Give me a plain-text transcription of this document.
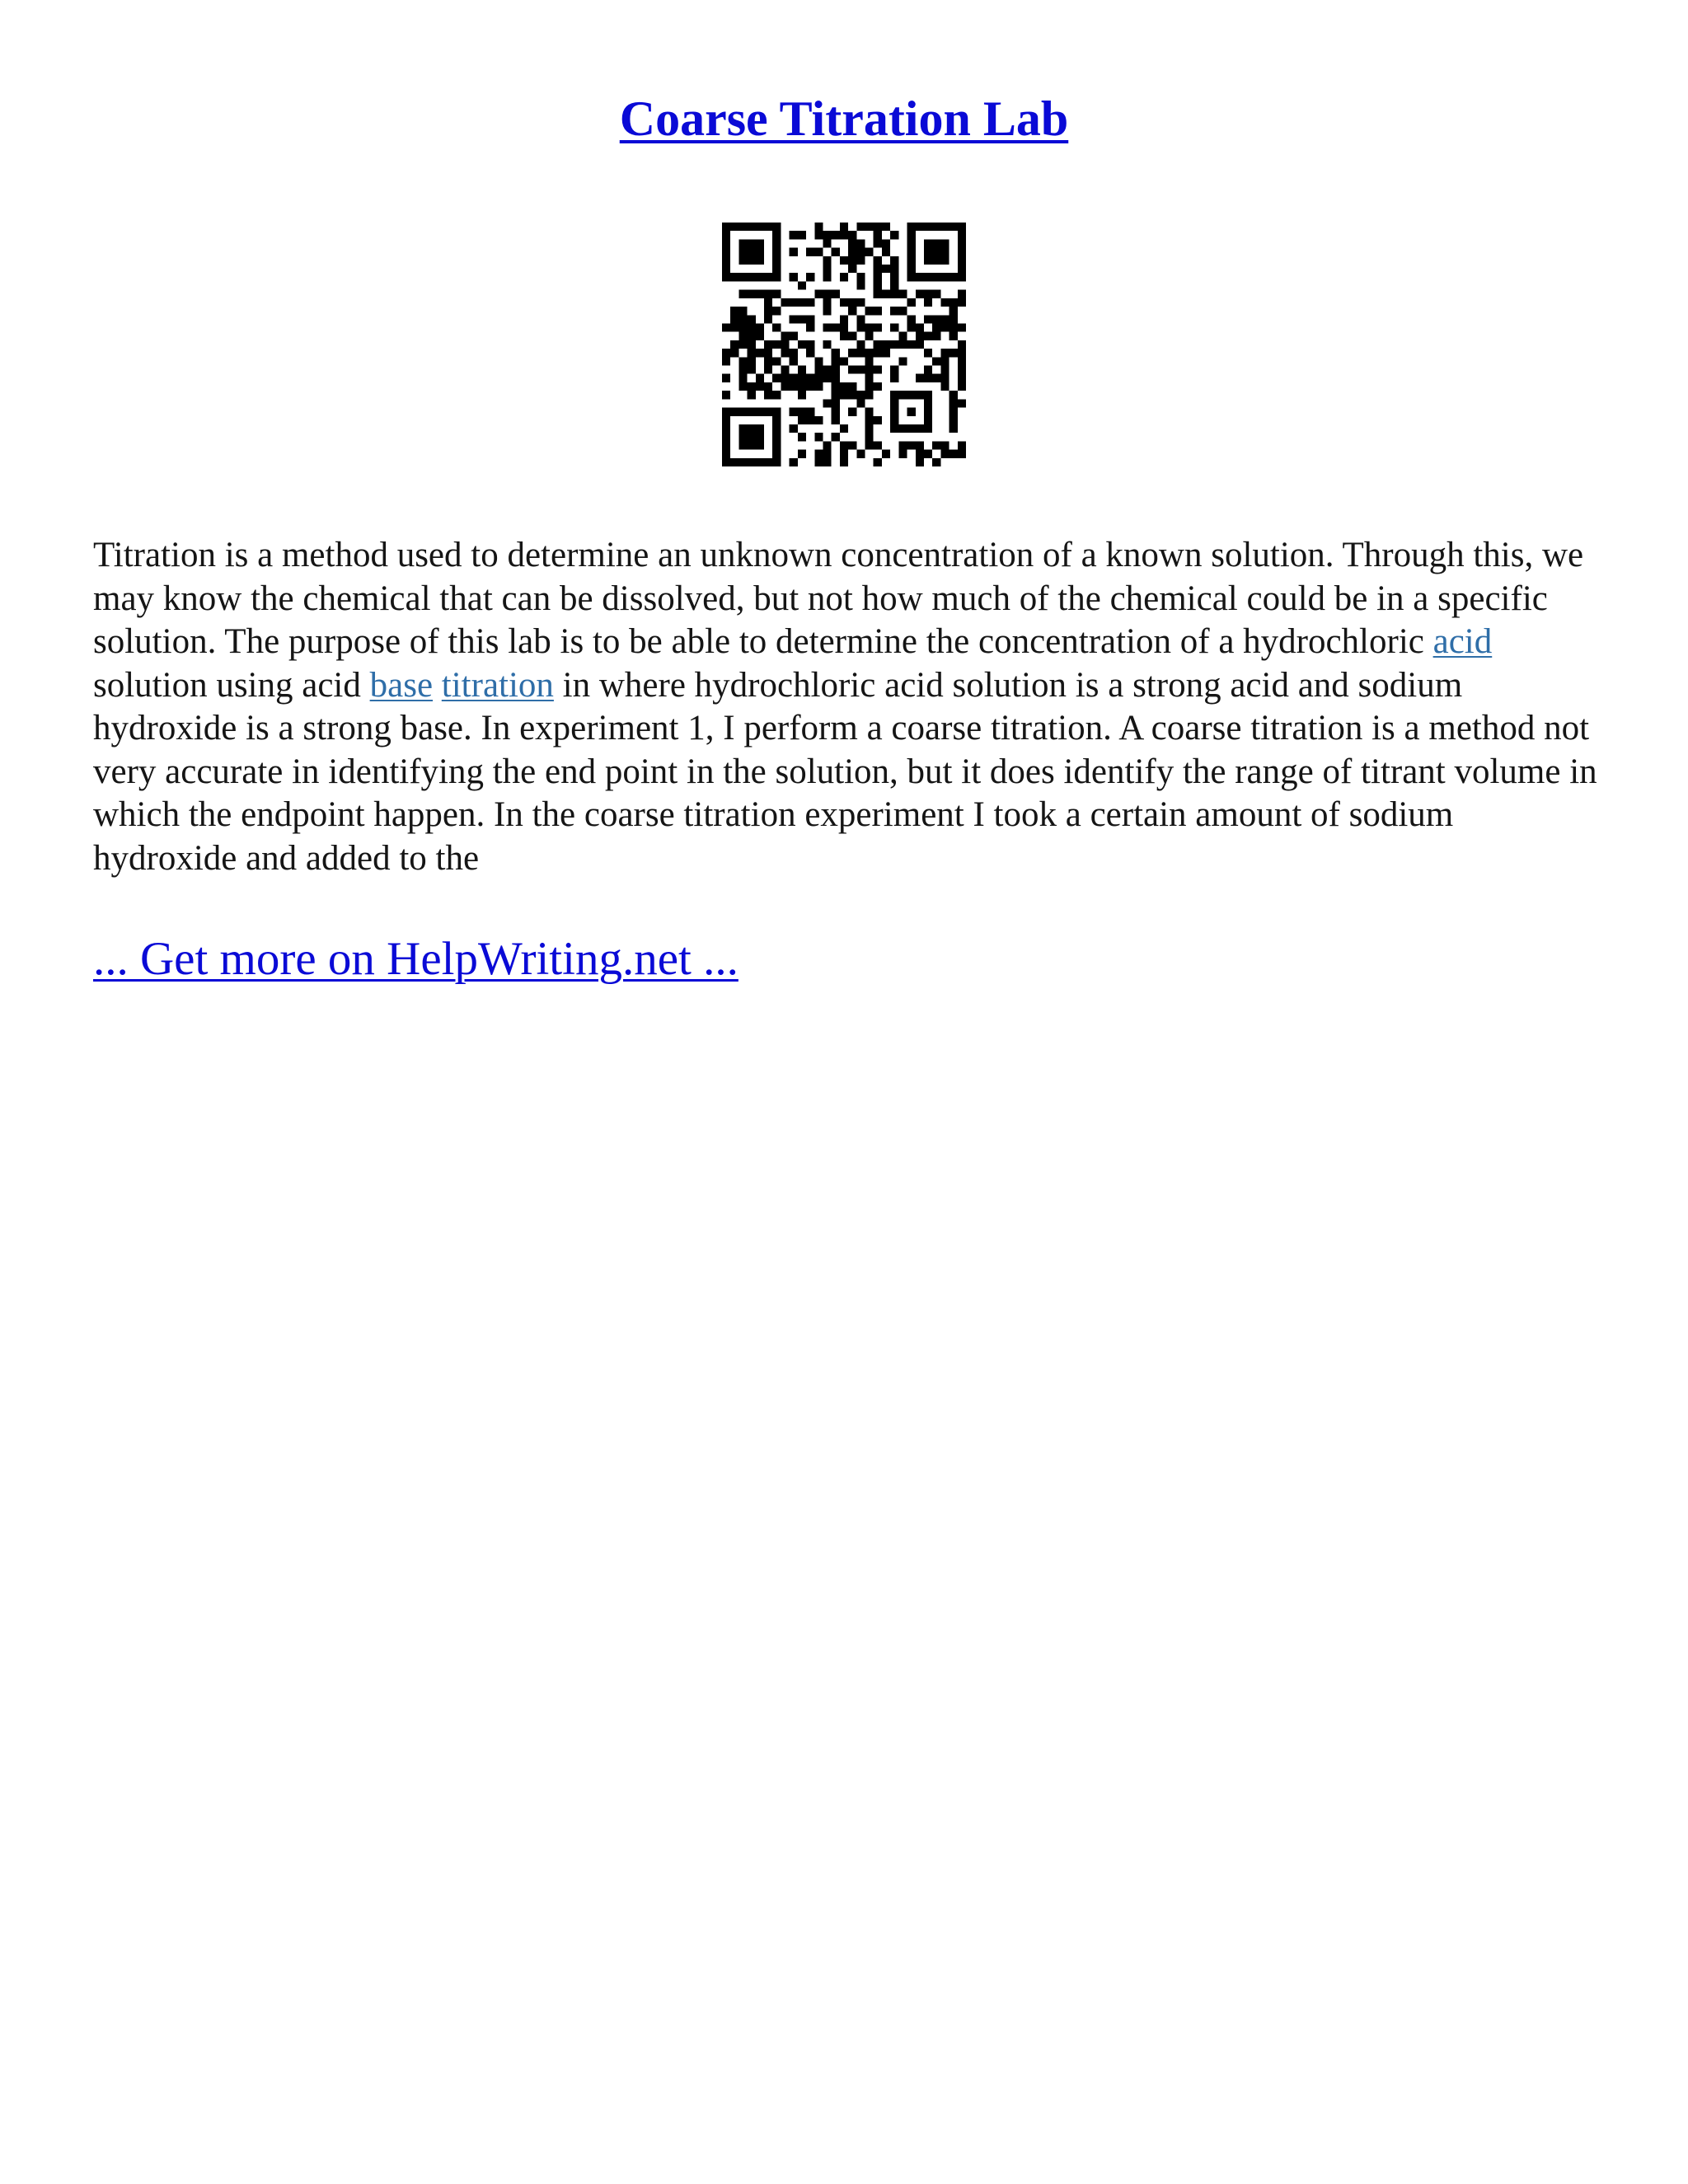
Coarse Titration Lab

Titration is a method used to determine an unknown concentration of a known solution. Through this, we may know the chemical that can be dissolved, but not how much of the chemical could be in a specific solution. The purpose of this lab is to be able to determine the concentration of a hydrochloric acid solution using acid base titration in where hydrochloric acid solution is a strong acid and sodium hydroxide is a strong base. In experiment 1, I perform a coarse titration. A coarse titration is a method not very accurate in identifying the end point in the solution, but it does identify the range of titrant volume in which the endpoint happen. In the coarse titration experiment I took a certain amount of sodium hydroxide and added to the

... Get more on HelpWriting.net ...
